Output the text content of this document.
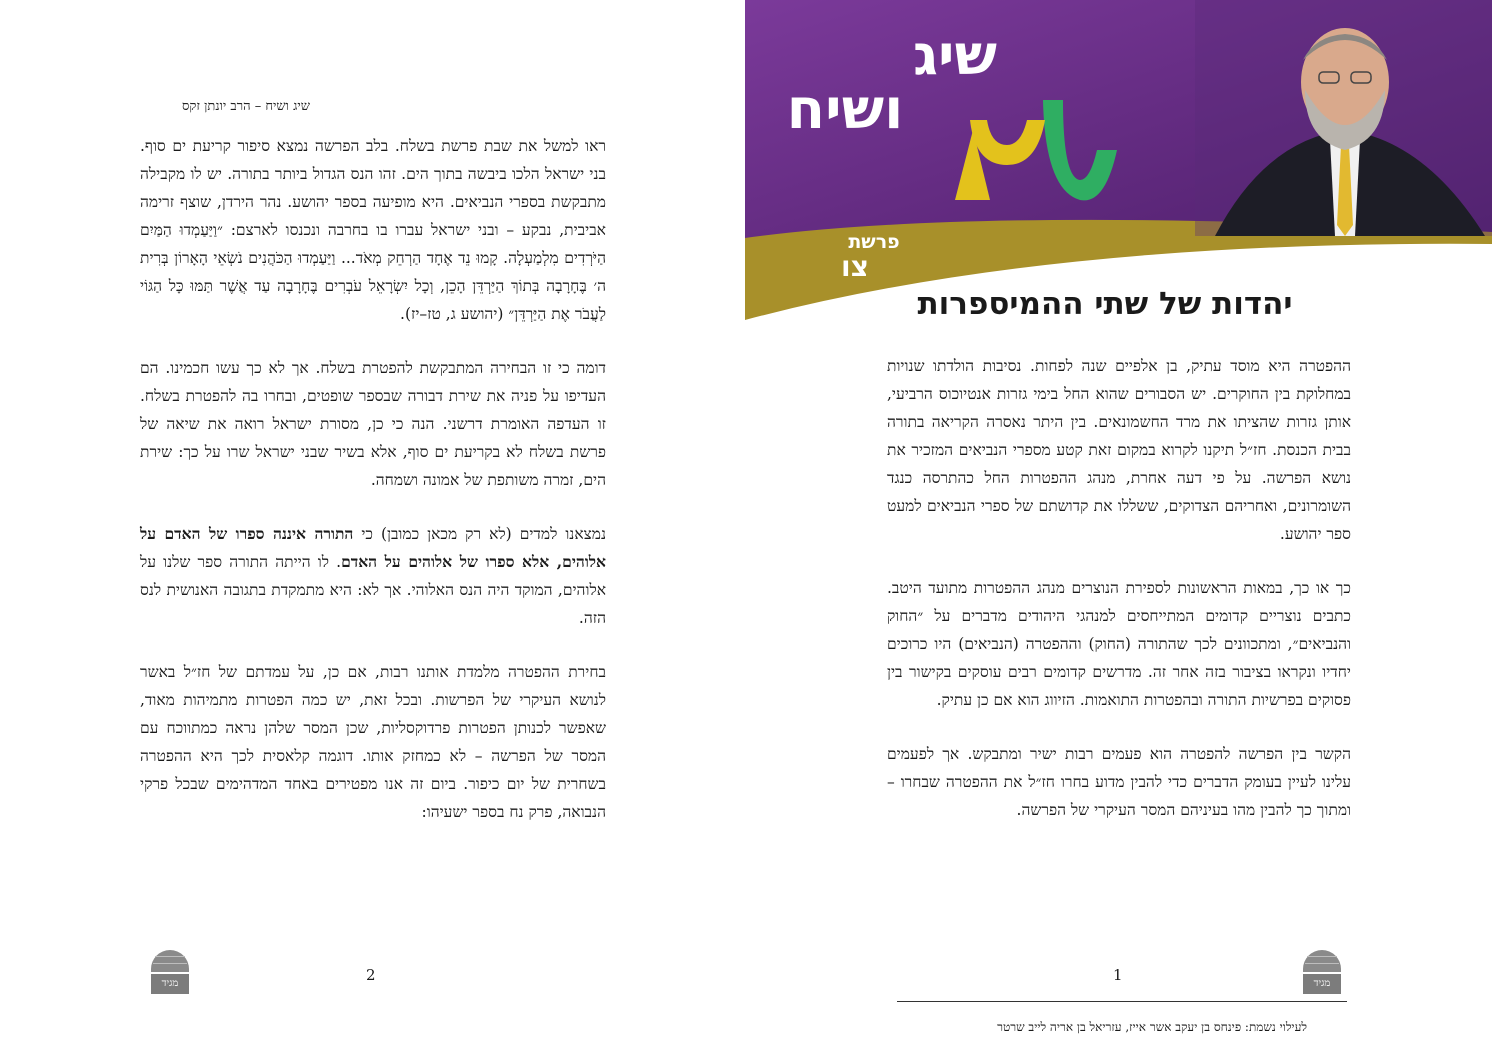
שיג ושיח – הרב יונתן זקס

ראו למשל את שבת פרשת בשלח. בלב הפרשה נמצא סיפור קריעת ים סוף. בני ישראל הלכו ביבשה בתוך הים. זהו הנס הגדול ביותר בתורה. יש לו מקבילה מתבקשת בספרי הנביאים. היא מופיעה בספר יהושע. נהר הירדן, שוצף זרימה אביבית, נבקע – ובני ישראל עברו בו בחרבה ונכנסו לארצם: ״וַיַּעַמְדוּ הַמַּיִם הַיֹּרְדִים מִלְמַעְלָה. קָמוּ נֵד אֶחָד הַרְחֵק מְאֹד... וַיַּעַמְדוּ הַכֹּהֲנִים נֹשְׂאֵי הָאָרוֹן בְּרִית ה׳ בֶּחָרָבָה בְּתוֹךְ הַיַּרְדֵּן הָכֵן, וְכָל יִשְׂרָאֵל עֹבְרִים בֶּחָרָבָה עַד אֲשֶׁר תַּמּוּ כָּל הַגּוֹי לַעֲבֹר אֶת הַיַּרְדֵּן״ (יהושע ג, טז–יז).

דומה כי זו הבחירה המתבקשת להפטרת בשלח. אך לא כך עשו חכמינו. הם העדיפו על פניה את שירת דבורה שבספר שופטים, ובחרו בה להפטרת בשלח. זו העדפה האומרת דרשני. הנה כי כן, מסורת ישראל רואה את שיאה של פרשת בשלח לא בקריעת ים סוף, אלא בשיר שבני ישראל שרו על כך: שירת הים, זמרה משותפת של אמונה ושמחה.

נמצאנו למדים (לא רק מכאן כמובן) כי התורה איננה ספרו של האדם על אלוהים, אלא ספרו של אלוהים על האדם. לו הייתה התורה ספר שלנו על אלוהים, המוקד היה הנס האלוהי. אך לא: היא מתמקדת בתגובה האנושית לנס הזה.

בחירת ההפטרה מלמדת אותנו רבות, אם כן, על עמדתם של חז״ל באשר לנושא העיקרי של הפרשות. ובכל זאת, יש כמה הפטרות מתמיהות מאוד, שאפשר לכנותן הפטרות פרדוקסליות, שכן המסר שלהן נראה כמתווכח עם המסר של הפרשה – לא כמחזק אותו. דוגמה קלאסית לכך היא ההפטרה בשחרית של יום כיפור. ביום זה אנו מפטירים באחד המדהימים שבכל פרקי הנבואה, פרק נח בספר ישעיהו:

מגיד	2
שיג
ושיח
פרשת
צו
יהדות של שתי ההמיספרות

ההפטרה היא מוסד עתיק, בן אלפיים שנה לפחות. נסיבות הולדתו שנויות במחלוקת בין החוקרים. יש הסבורים שהוא החל בימי גזרות אנטיוכוס הרביעי, אותן גזרות שהציתו את מרד החשמונאים. בין היתר נאסרה הקריאה בתורה בבית הכנסת. חז״ל תיקנו לקרוא במקום זאת קטע מספרי הנביאים המזכיר את נושא הפרשה. על פי דעה אחרת, מנהג ההפטרות החל כהתרסה כנגד השומרונים, ואחריהם הצדוקים, ששללו את קדושתם של ספרי הנביאים למעט ספר יהושע.

כך או כך, במאות הראשונות לספירת הנוצרים מנהג ההפטרות מתועד היטב. כתבים נוצריים קדומים המתייחסים למנהגי היהודים מדברים על ״החוק והנביאים״, ומתכוונים לכך שהתורה (החוק) וההפטרה (הנביאים) היו כרוכים יחדיו ונקראו בציבור בזה אחר זה. מדרשים קדומים רבים עוסקים בקישור בין פסוקים בפרשיות התורה ובהפטרות התואמות. הזיווג הוא אם כן עתיק.

הקשר בין הפרשה להפטרה הוא פעמים רבות ישיר ומתבקש. אך לפעמים עלינו לעיין בעומק הדברים כדי להבין מדוע בחרו חז״ל את ההפטרה שבחרו – ומתוך כך להבין מהו בעיניהם המסר העיקרי של הפרשה.

1	מגיד
לעילוי נשמת: פינחס בן יעקב אשר אייז, עזריאל בן אריה לייב שרטר
